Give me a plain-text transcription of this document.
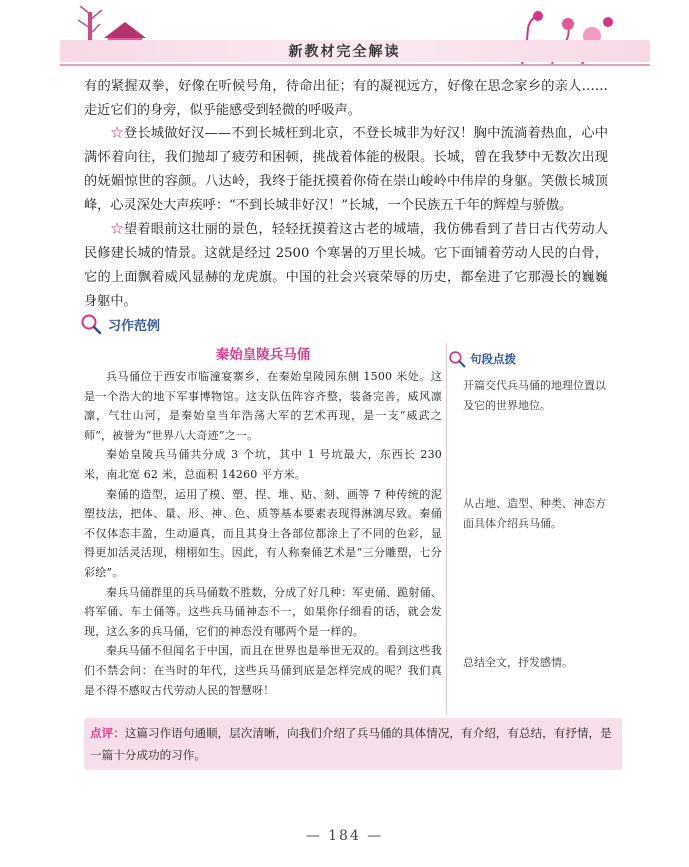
新教材完全解读

有的紧握双拳，好像在听候号角，待命出征；有的凝视远方，好像在思念家乡的亲人……走近它们的身旁，似乎能感受到轻微的呼吸声。

☆登长城做好汉——不到长城枉到北京，不登长城非为好汉！胸中流淌着热血，心中满怀着向往，我们抛却了疲劳和困顿，挑战着体能的极限。长城，曾在我梦中无数次出现的妩媚惊世的容颜。八达岭，我终于能抚摸着你倚在崇山峻岭中伟岸的身躯。笑傲长城顶峰，心灵深处大声疾呼：“不到长城非好汉！”长城，一个民族五千年的辉煌与骄傲。

☆望着眼前这壮丽的景色，轻轻抚摸着这古老的城墙，我仿佛看到了昔日古代劳动人民修建长城的情景。这就是经过 2500 个寒暑的万里长城。它下面铺着劳动人民的白骨，它的上面飘着威风显赫的龙虎旗。中国的社会兴衰荣辱的历史，都垒进了它那漫长的巍巍身躯中。

习作范例

秦始皇陵兵马俑

兵马俑位于西安市临潼宴寨乡，在秦始皇陵园东侧 1500 米处。这是一个浩大的地下军事博物馆。这支队伍阵容齐整，装备完善，威风凛凛，气壮山河，是秦始皇当年浩荡大军的艺术再现，是一支“威武之师”，被誉为“世界八大奇迹”之一。

秦始皇陵兵马俑共分成 3 个坑，其中 1 号坑最大，东西长 230 米，南北宽 62 米，总面积 14260 平方米。

秦俑的造型，运用了模、塑、捏、堆、贴、刻、画等 7 种传统的泥塑技法，把体、量、形、神、色、质等基本要素表现得淋漓尽致。秦俑不仅体态丰盈，生动逼真，而且其身上各部位都涂上了不同的色彩，显得更加活灵活现，栩栩如生。因此，有人称秦俑艺术是“三分雕塑，七分彩绘”。

秦兵马俑群里的兵马俑数不胜数，分成了好几种：军吏俑、跪射俑、将军俑、车士俑等。这些兵马俑神态不一，如果你仔细看的话，就会发现，这么多的兵马俑，它们的神态没有哪两个是一样的。

秦兵马俑不但闻名于中国，而且在世界也是举世无双的。看到这些我们不禁会问：在当时的年代，这些兵马俑到底是怎样完成的呢？我们真是不得不感叹古代劳动人民的智慧呀！

句段点拨

开篇交代兵马俑的地理位置以及它的世界地位。

从占地、造型、种类、神态方面具体介绍兵马俑。

总结全文，抒发感情。

点评：这篇习作语句通顺，层次清晰，向我们介绍了兵马俑的具体情况，有介绍，有总结，有抒情，是一篇十分成功的习作。
— 184 —
